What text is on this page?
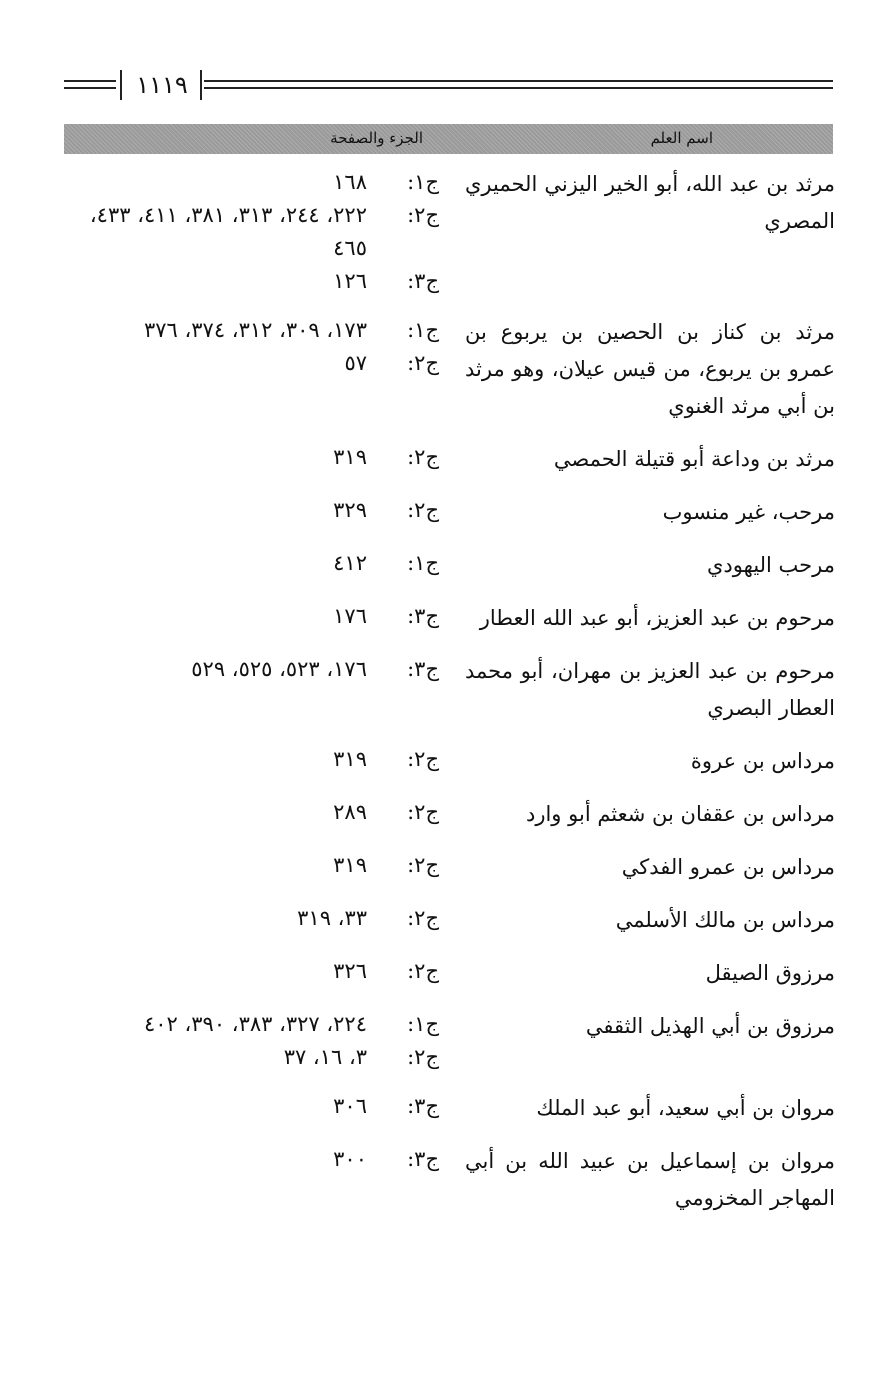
١١١٩
اسم العلم
الجزء والصفحة
مرثد بن عبد الله، أبو الخير اليزني الحميري المصري
ج١:
١٦٨
ج٢:
٢٢٢، ٢٤٤، ٣١٣، ٣٨١، ٤١١، ٤٣٣، ٤٦٥
ج٣:
١٢٦
مرثد بن كناز بن الحصين بن يربوع بن عمرو بن يربوع، من قيس عيلان، وهو مرثد بن أبي مرثد الغنوي
ج١:
١٧٣، ٣٠٩، ٣١٢، ٣٧٤، ٣٧٦
ج٢:
٥٧
مرثد بن وداعة أبو قتيلة الحمصي
ج٢:
٣١٩
مرحب، غير منسوب
ج٢:
٣٢٩
مرحب اليهودي
ج١:
٤١٢
مرحوم بن عبد العزيز، أبو عبد الله العطار
ج٣:
١٧٦
مرحوم بن عبد العزيز بن مهران، أبو محمد العطار البصري
ج٣:
١٧٦، ٥٢٣، ٥٢٥، ٥٢٩
مرداس بن عروة
ج٢:
٣١٩
مرداس بن عقفان بن شعثم أبو وارد
ج٢:
٢٨٩
مرداس بن عمرو الفدكي
ج٢:
٣١٩
مرداس بن مالك الأسلمي
ج٢:
٣٣، ٣١٩
مرزوق الصيقل
ج٢:
٣٢٦
مرزوق بن أبي الهذيل الثقفي
ج١:
٢٢٤، ٣٢٧، ٣٨٣، ٣٩٠، ٤٠٢
ج٢:
٣، ١٦، ٣٧
مروان بن أبي سعيد، أبو عبد الملك
ج٣:
٣٠٦
مروان بن إسماعيل بن عبيد الله بن أبي المهاجر المخزومي
ج٣:
٣٠٠
